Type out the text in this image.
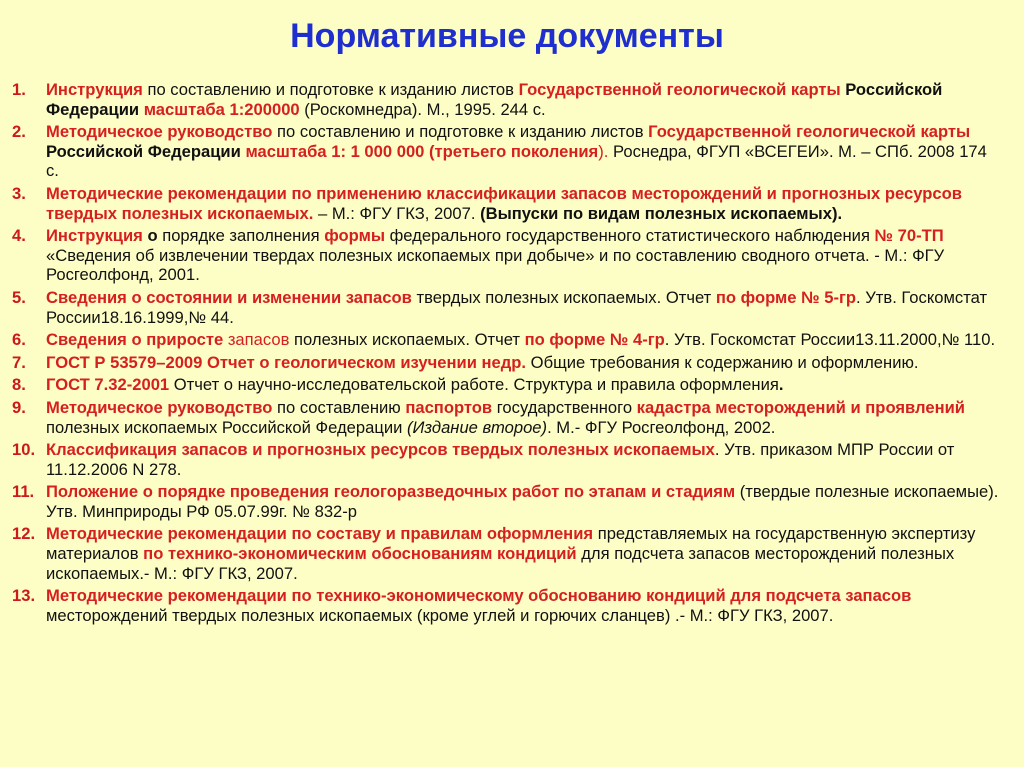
Нормативные документы
1.	Инструкция по составлению и подготовке к изданию листов Государственной геологической карты Российской Федерации масштаба 1:200000 (Роскомнедра). М., 1995. 244 с.
2.	Методическое руководство по составлению и подготовке к изданию листов Государственной геологической карты Российской Федерации масштаба 1: 1 000 000 (третьего поколения). Роснедра, ФГУП «ВСЕГЕИ». М. – СПб. 2008 174 с.
3.	Методические рекомендации по применению классификации запасов месторождений и прогнозных ресурсов твердых полезных ископаемых. – М.: ФГУ ГКЗ, 2007. (Выпуски по видам полезных ископаемых).
4.	Инструкция о порядке заполнения формы федерального государственного статистического наблюдения № 70-ТП «Сведения об извлечении твердах полезных ископаемых при добыче» и по составлению сводного отчета. - М.: ФГУ Росгеолфонд, 2001.
5.	Сведения о состоянии и изменении запасов твердых полезных ископаемых. Отчет по форме № 5-гр. Утв. Госкомстат России18.16.1999,№ 44.
6.	Сведения о приросте запасов полезных ископаемых. Отчет по форме № 4-гр. Утв. Госкомстат России13.11.2000,№ 110.
7.	ГОСТ Р 53579–2009 Отчет о геологическом изучении недр. Общие требования к содержанию и оформлению.
8.	ГОСТ 7.32-2001 Отчет о научно-исследовательской работе. Структура и правила оформления.
9.	Методическое руководство по составлению паспортов государственного кадастра месторождений и проявлений полезных ископаемых Российской Федерации (Издание второе). М.- ФГУ Росгеолфонд, 2002.
10. Классификация запасов и прогнозных ресурсов твердых полезных ископаемых. Утв. приказом МПР России от 11.12.2006 N 278.
11. Положение о порядке проведения геологоразведочных работ по этапам и стадиям (твердые полезные ископаемые). Утв. Минприроды РФ 05.07.99г. № 832-р
12. Методические рекомендации по составу и правилам оформления представляемых на государственную экспертизу материалов по технико-экономическим обоснованиям кондиций для подсчета запасов месторождений полезных ископаемых.- М.: ФГУ ГКЗ, 2007.
13. Методические рекомендации по технико-экономическому обоснованию кондиций для подсчета запасов месторождений твердых полезных ископаемых (кроме углей и горючих сланцев) .- М.: ФГУ ГКЗ, 2007.
